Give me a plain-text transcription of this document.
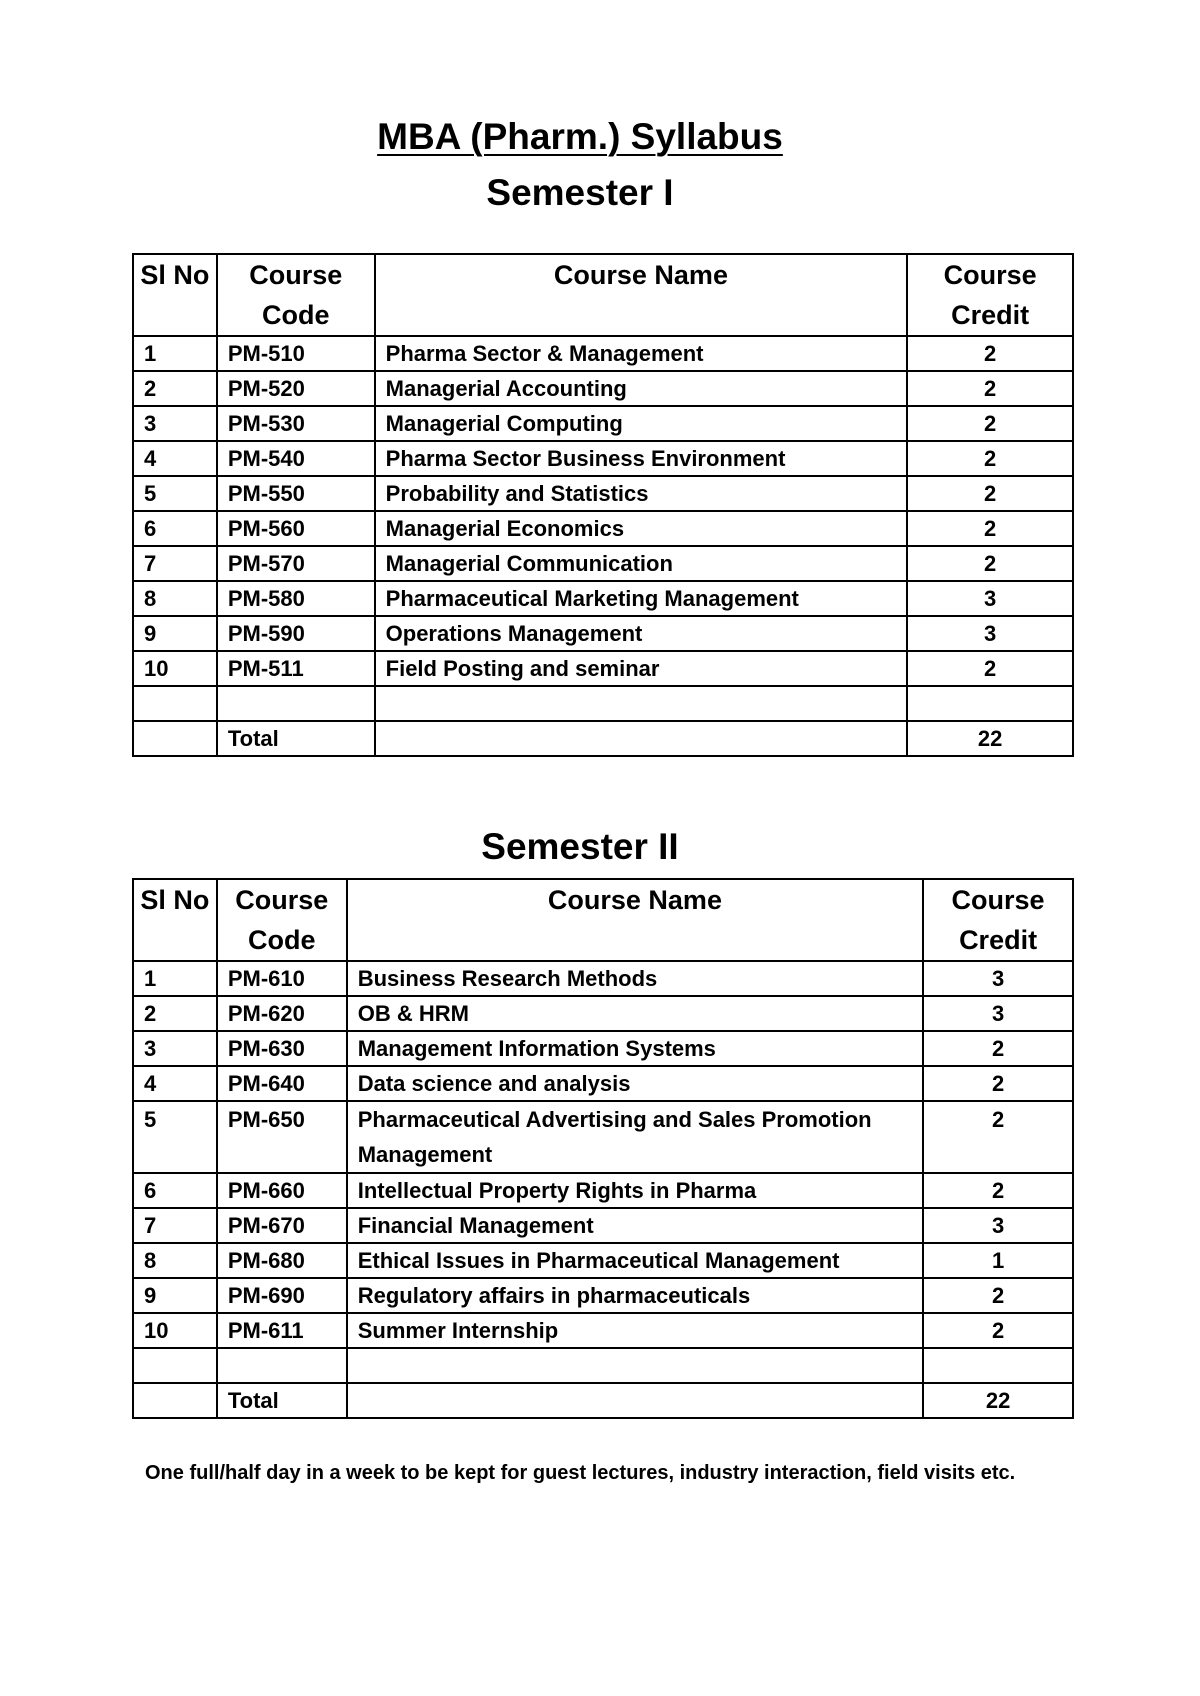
MBA (Pharm.) Syllabus
Semester I
Sl No	Course Code	Course Name	Course Credit
1	PM-510	Pharma Sector & Management	2
2	PM-520	Managerial Accounting	2
3	PM-530	Managerial Computing	2
4	PM-540	Pharma Sector Business Environment	2
5	PM-550	Probability and Statistics	2
6	PM-560	Managerial Economics	2
7	PM-570	Managerial Communication	2
8	PM-580	Pharmaceutical Marketing Management	3
9	PM-590	Operations Management	3
10	PM-511	Field Posting and seminar	2

	Total		22
Semester II
Sl No	Course Code	Course Name	Course Credit
1	PM-610	Business Research Methods	3
2	PM-620	OB & HRM	3
3	PM-630	Management Information Systems	2
4	PM-640	Data science and analysis	2
5	PM-650	Pharmaceutical Advertising and Sales Promotion Management	2
6	PM-660	Intellectual Property Rights in Pharma	2
7	PM-670	Financial Management	3
8	PM-680	Ethical Issues in Pharmaceutical Management	1
9	PM-690	Regulatory affairs in pharmaceuticals	2
10	PM-611	Summer Internship	2

	Total		22
One full/half day in a week to be kept for guest lectures, industry interaction, field visits etc.
